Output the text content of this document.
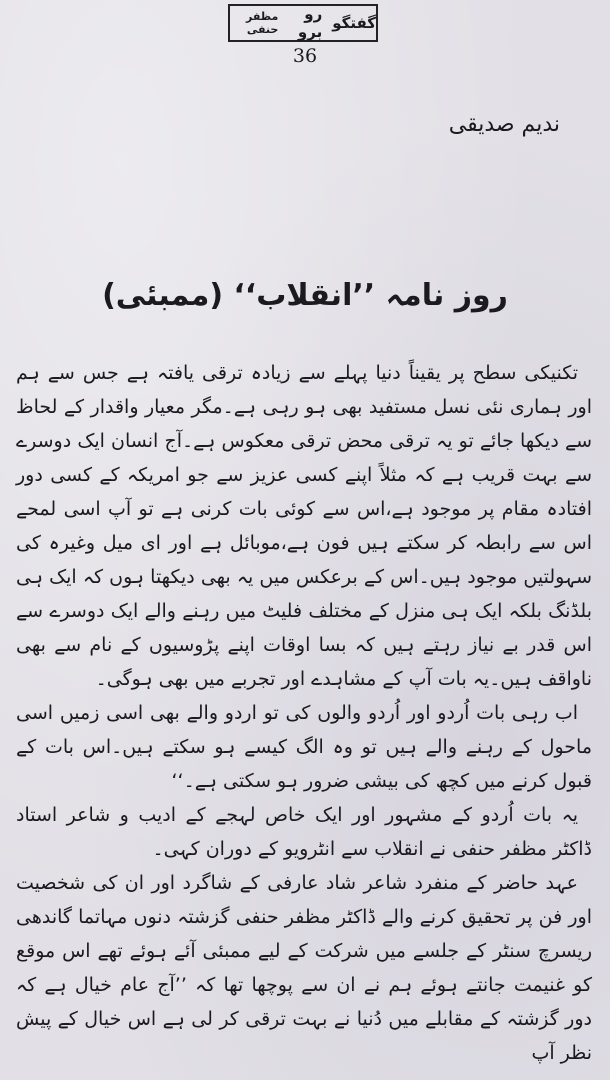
گفتگو
رو برو
مظفر حنفی
36
ندیم صدیقی
روز نامہ ’’انقلاب‘‘ (ممبئی)

تکنیکی سطح پر یقیناً دنیا پہلے سے زیادہ ترقی یافتہ ہے جس سے ہم اور ہماری نئی نسل مستفید بھی ہو رہی ہے۔مگر معیار واقدار کے لحاظ سے دیکھا جائے تو یہ ترقی محض ترقی معکوس ہے۔آج انسان ایک دوسرے سے بہت قریب ہے کہ مثلاً اپنے کسی عزیز سے جو امریکہ کے کسی دور افتادہ مقام پر موجود ہے،اس سے کوئی بات کرنی ہے تو آپ اسی لمحے اس سے رابطہ کر سکتے ہیں فون ہے،موبائل ہے اور ای میل وغیرہ کی سہولتیں موجود ہیں۔اس کے برعکس میں یہ بھی دیکھتا ہوں کہ ایک ہی بلڈنگ بلکہ ایک ہی منزل کے مختلف فلیٹ میں رہنے والے ایک دوسرے سے اس قدر بے نیاز رہتے ہیں کہ بسا اوقات اپنے پڑوسیوں کے نام سے بھی ناواقف ہیں۔یہ بات آپ کے مشاہدے اور تجربے میں بھی ہوگی۔

اب رہی بات اُردو اور اُردو والوں کی تو اردو والے بھی اسی زمیں اسی ماحول کے رہنے والے ہیں تو وہ الگ کیسے ہو سکتے ہیں۔اس بات کے قبول کرنے میں کچھ کی بیشی ضرور ہو سکتی ہے۔‘‘

یہ بات اُردو کے مشہور اور ایک خاص لہجے کے ادیب و شاعر استاد ڈاکٹر مظفر حنفی نے انقلاب سے انٹرویو کے دوران کہی۔

عہد حاضر کے منفرد شاعر شاد عارفی کے شاگرد اور ان کی شخصیت اور فن پر تحقیق کرنے والے ڈاکٹر مظفر حنفی گزشتہ دنوں مہاتما گاندھی ریسرچ سنٹر کے جلسے میں شرکت کے لیے ممبئی آئے ہوئے تھے اس موقع کو غنیمت جانتے ہوئے ہم نے ان سے پوچھا تھا کہ ’’آج عام خیال ہے کہ دور گزشتہ کے مقابلے میں دُنیا نے بہت ترقی کر لی ہے اس خیال کے پیش نظر آپ
